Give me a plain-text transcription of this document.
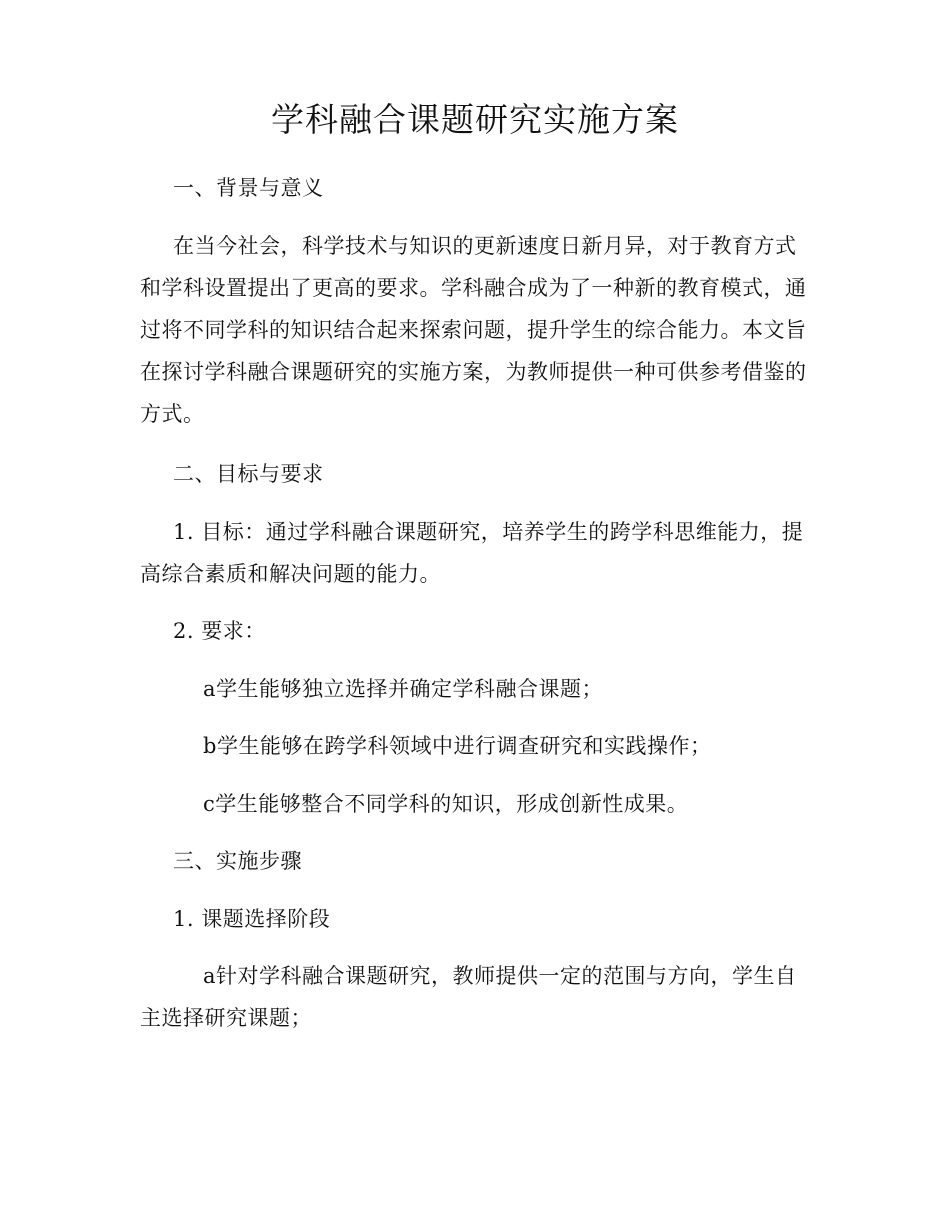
学科融合课题研究实施方案

一、背景与意义

在当今社会，科学技术与知识的更新速度日新月异，对于教育方式和学科设置提出了更高的要求。学科融合成为了一种新的教育模式，通过将不同学科的知识结合起来探索问题，提升学生的综合能力。本文旨在探讨学科融合课题研究的实施方案，为教师提供一种可供参考借鉴的方式。

二、目标与要求

1. 目标：通过学科融合课题研究，培养学生的跨学科思维能力，提高综合素质和解决问题的能力。

2. 要求：

a学生能够独立选择并确定学科融合课题；

b学生能够在跨学科领域中进行调查研究和实践操作；

c学生能够整合不同学科的知识，形成创新性成果。

三、实施步骤

1. 课题选择阶段

a针对学科融合课题研究，教师提供一定的范围与方向，学生自主选择研究课题；
